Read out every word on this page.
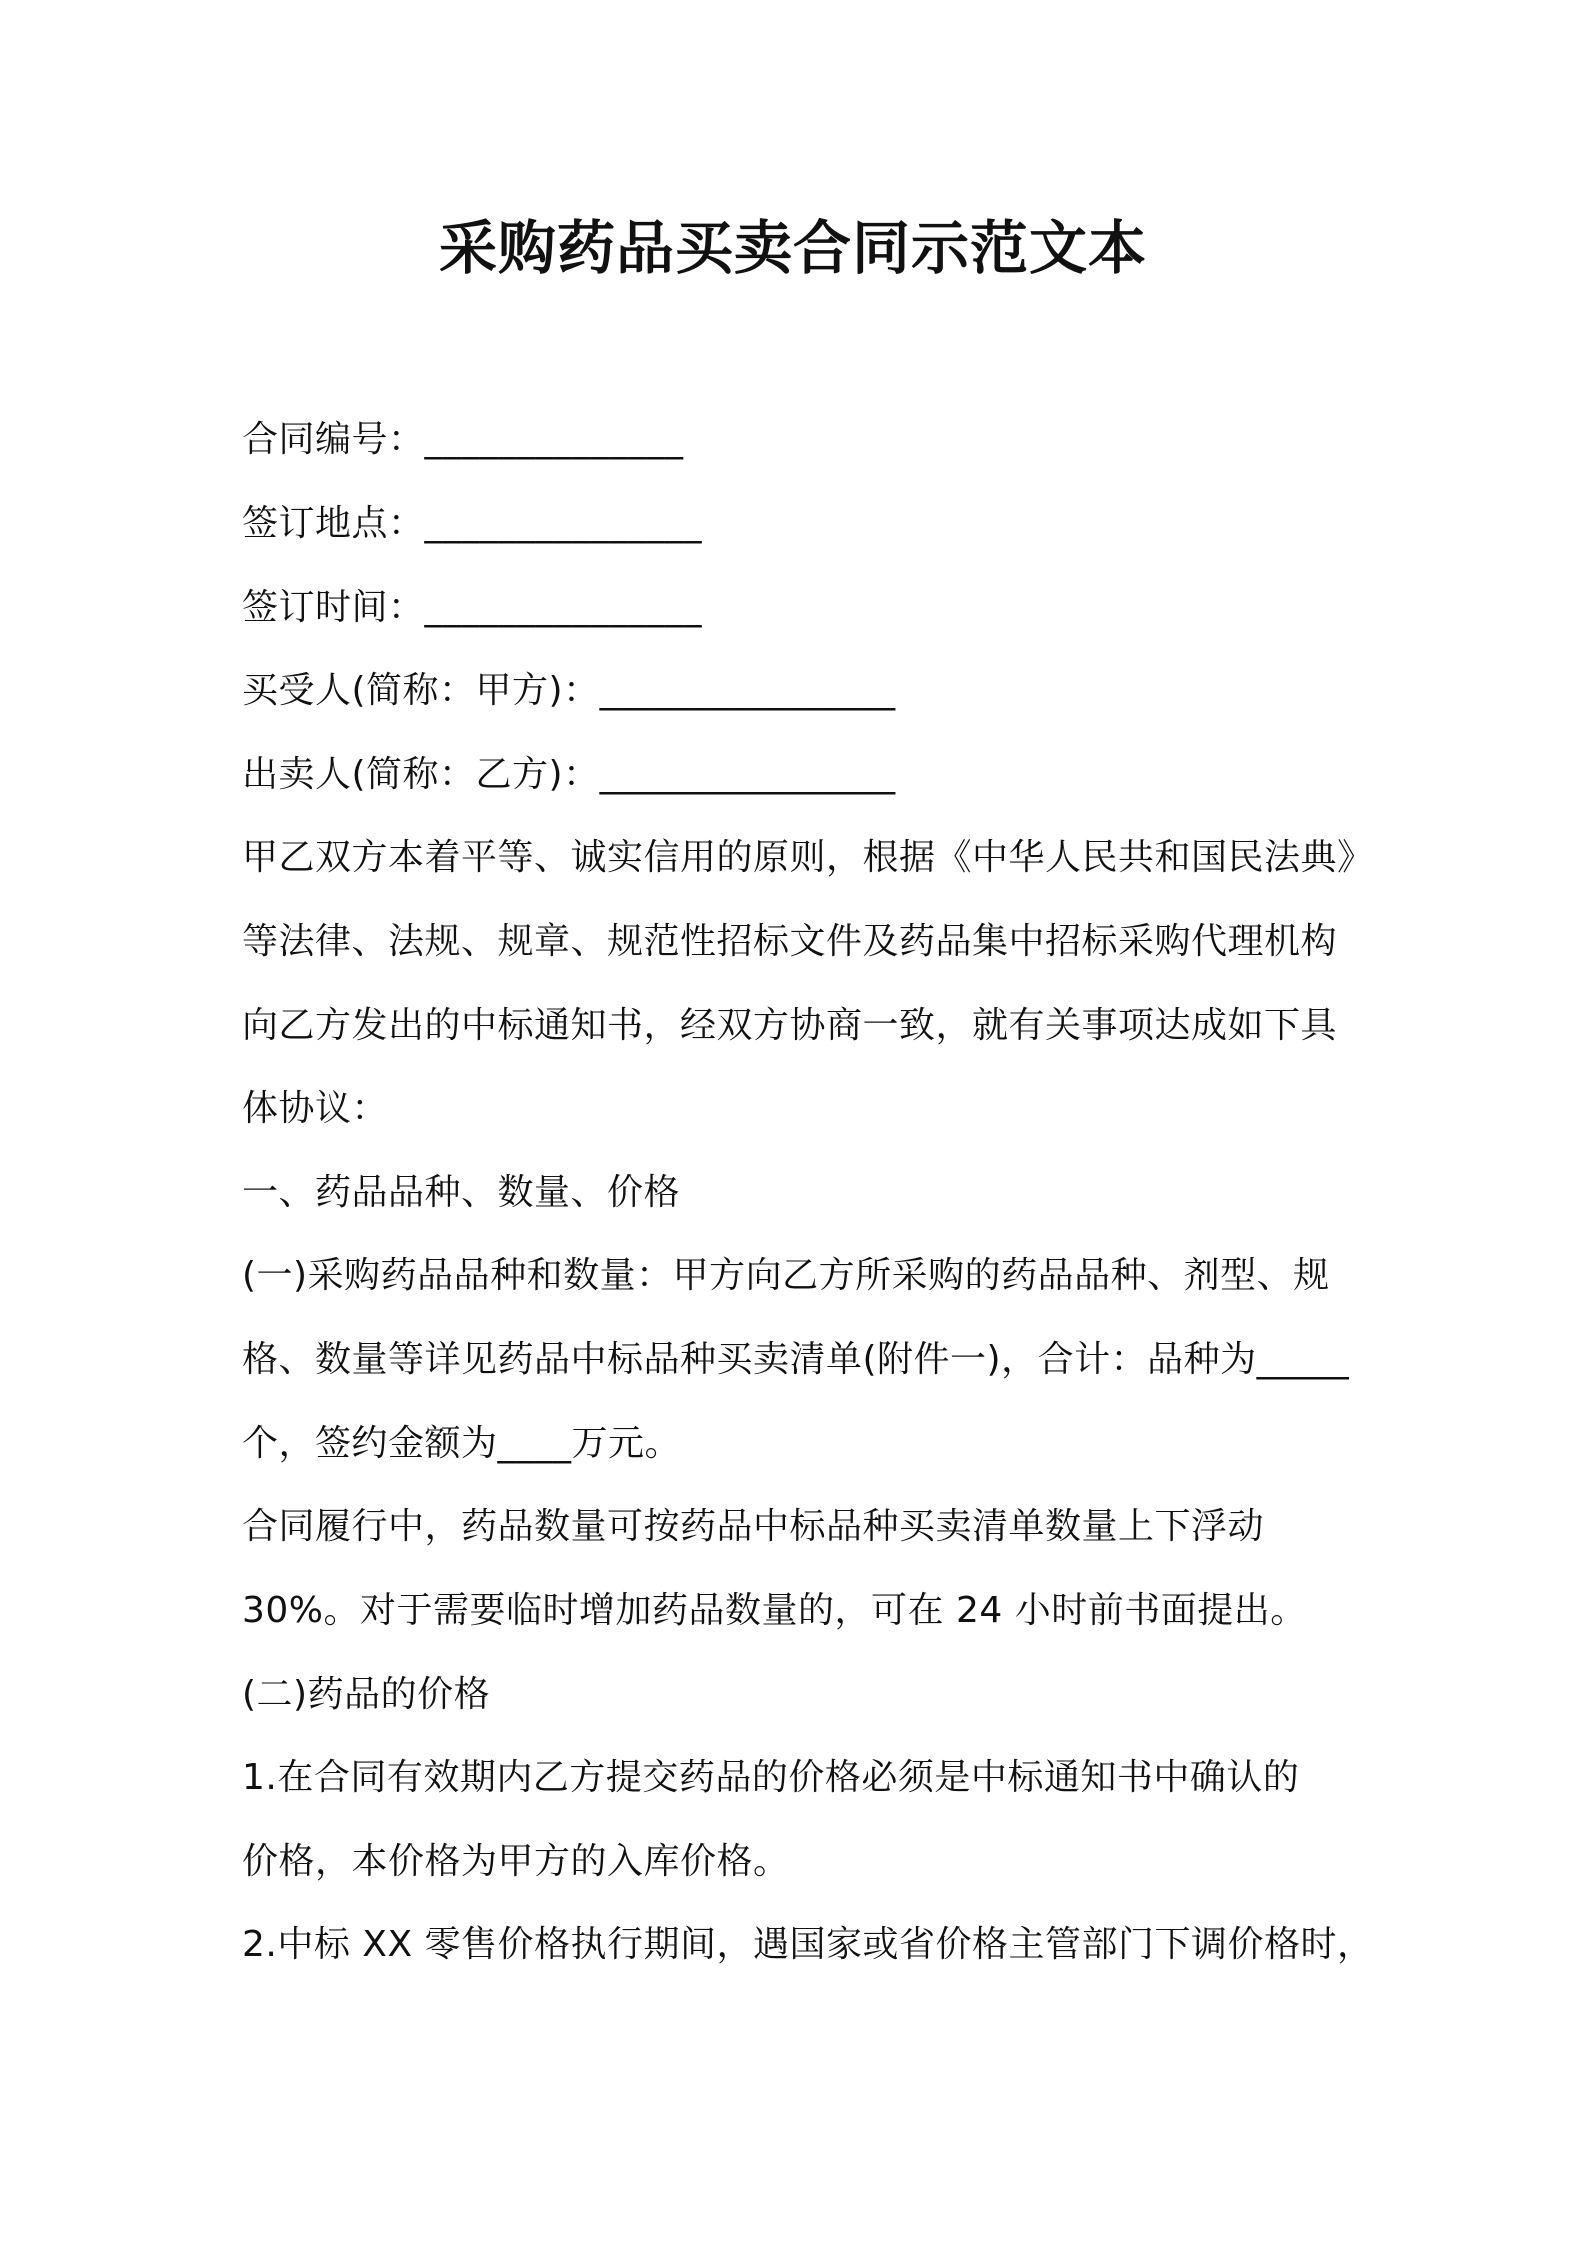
采购药品买卖合同示范文本
合同编号：______________
签订地点：_______________
签订时间：_______________
买受人(简称：甲方)：________________
出卖人(简称：乙方)：________________
甲乙双方本着平等、诚实信用的原则，根据《中华人民共和国民法典》
等法律、法规、规章、规范性招标文件及药品集中招标采购代理机构
向乙方发出的中标通知书，经双方协商一致，就有关事项达成如下具
体协议：
一、药品品种、数量、价格
(一)采购药品品种和数量：甲方向乙方所采购的药品品种、剂型、规
格、数量等详见药品中标品种买卖清单(附件一)，合计：品种为_____
个，签约金额为____万元。
合同履行中，药品数量可按药品中标品种买卖清单数量上下浮动
30%。对于需要临时增加药品数量的，可在 24 小时前书面提出。
(二)药品的价格
1.在合同有效期内乙方提交药品的价格必须是中标通知书中确认的
价格，本价格为甲方的入库价格。
2.中标 XX 零售价格执行期间，遇国家或省价格主管部门下调价格时，
